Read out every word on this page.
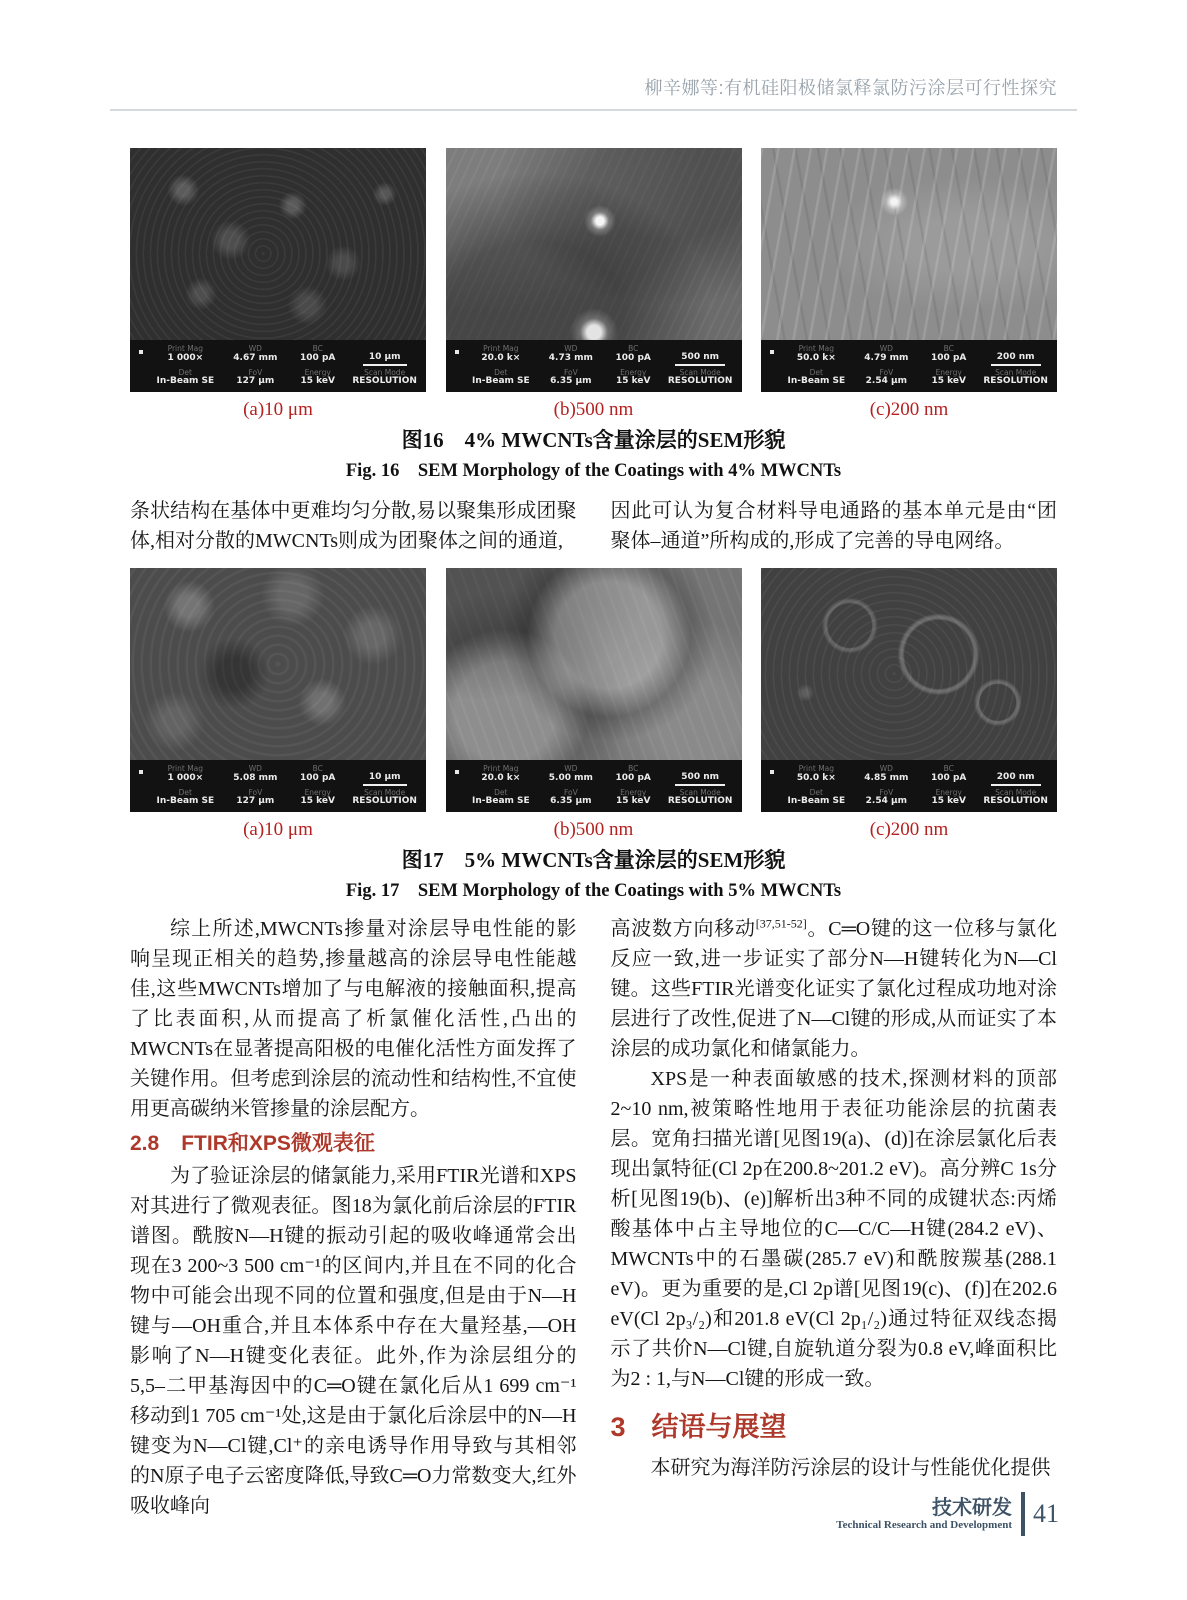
柳辛娜等:有机硅阳极储氯释氯防污涂层可行性探究
Print Mag
1 000×
WD
4.67 mm
BC
100 pA	10 μm
Det
In-Beam SE
FoV
127 μm
Energy
15 keV
Scan Mode
RESOLUTION
Print Mag
20.0 k×
WD
4.73 mm
BC
100 pA	500 nm
Det
In-Beam SE
FoV
6.35 μm
Energy
15 keV
Scan Mode
RESOLUTION
Print Mag
50.0 k×
WD
4.79 mm
BC
100 pA	200 nm
Det
In-Beam SE
FoV
2.54 μm
Energy
15 keV
Scan Mode
RESOLUTION
(a)10 μm	(b)500 nm	(c)200 nm
图16　4% MWCNTs含量涂层的SEM形貌
Fig. 16　SEM Morphology of the Coatings with 4% MWCNTs

条状结构在基体中更难均匀分散,易以聚集形成团聚体,相对分散的MWCNTs则成为团聚体之间的通道,

因此可认为复合材料导电通路的基本单元是由“团聚体–通道”所构成的,形成了完善的导电网络。

Print Mag
1 000×
WD
5.08 mm
BC
100 pA	10 μm
Det
In-Beam SE
FoV
127 μm
Energy
15 keV
Scan Mode
RESOLUTION
Print Mag
20.0 k×
WD
5.00 mm
BC
100 pA	500 nm
Det
In-Beam SE
FoV
6.35 μm
Energy
15 keV
Scan Mode
RESOLUTION
Print Mag
50.0 k×
WD
4.85 mm
BC
100 pA	200 nm
Det
In-Beam SE
FoV
2.54 μm
Energy
15 keV
Scan Mode
RESOLUTION
(a)10 μm	(b)500 nm	(c)200 nm
图17　5% MWCNTs含量涂层的SEM形貌
Fig. 17　SEM Morphology of the Coatings with 5% MWCNTs

综上所述,MWCNTs掺量对涂层导电性能的影响呈现正相关的趋势,掺量越高的涂层导电性能越佳,这些MWCNTs增加了与电解液的接触面积,提高了比表面积,从而提高了析氯催化活性,凸出的MWCNTs在显著提高阳极的电催化活性方面发挥了关键作用。但考虑到涂层的流动性和结构性,不宜使用更高碳纳米管掺量的涂层配方。

2.8 FTIR和XPS微观表征

为了验证涂层的储氯能力,采用FTIR光谱和XPS对其进行了微观表征。图18为氯化前后涂层的FTIR谱图。酰胺N—H键的振动引起的吸收峰通常会出现在3 200~3 500 cm⁻¹的区间内,并且在不同的化合物中可能会出现不同的位置和强度,但是由于N—H键与—OH重合,并且本体系中存在大量羟基,—OH影响了N—H键变化表征。此外,作为涂层组分的5,5–二甲基海因中的C═O键在氯化后从1 699 cm⁻¹移动到1 705 cm⁻¹处,这是由于氯化后涂层中的N—H键变为N—Cl键,Cl⁺的亲电诱导作用导致与其相邻的N原子电子云密度降低,导致C═O力常数变大,红外吸收峰向

高波数方向移动[37,51-52]。C═O键的这一位移与氯化反应一致,进一步证实了部分N—H键转化为N—Cl键。这些FTIR光谱变化证实了氯化过程成功地对涂层进行了改性,促进了N—Cl键的形成,从而证实了本涂层的成功氯化和储氯能力。

XPS是一种表面敏感的技术,探测材料的顶部2~10 nm,被策略性地用于表征功能涂层的抗菌表层。宽角扫描光谱[见图19(a)、(d)]在涂层氯化后表现出氯特征(Cl 2p在200.8~201.2 eV)。高分辨C 1s分析[见图19(b)、(e)]解析出3种不同的成键状态:丙烯酸基体中占主导地位的C—C/C—H键(284.2 eV)、MWCNTs中的石墨碳(285.7 eV)和酰胺羰基(288.1 eV)。更为重要的是,Cl 2p谱[见图19(c)、(f)]在202.6 eV(Cl 2p₃/₂)和201.8 eV(Cl 2p₁/₂)通过特征双线态揭示了共价N—Cl键,自旋轨道分裂为0.8 eV,峰面积比为2 : 1,与N—Cl键的形成一致。

3 结语与展望

本研究为海洋防污涂层的设计与性能优化提供

技术研发
Technical Research and Development 41
